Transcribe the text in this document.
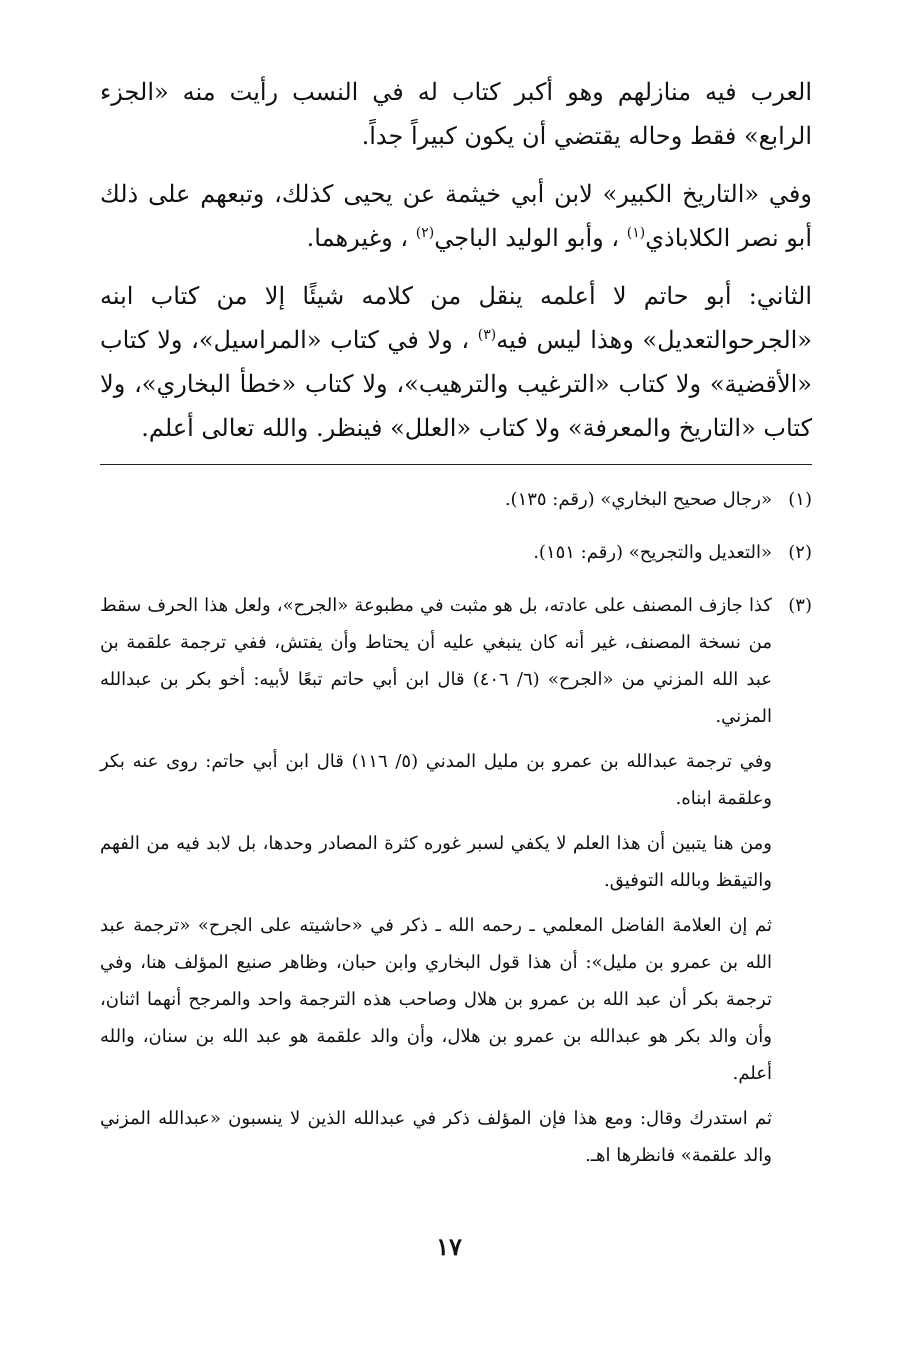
العرب فيه منازلهم وهو أكبر كتاب له في النسب رأيت منه «الجزء الرابع» فقط وحاله يقتضي أن يكون كبيراً جداً.

وفي «التاريخ الكبير» لابن أبي خيثمة عن يحيى كذلك، وتبعهم على ذلك أبو نصر الكلاباذي$^{(١)}$ ، وأبو الوليد الباجي$^{(٢)}$ ، وغيرهما.

الثاني: أبو حاتم لا أعلمه ينقل من كلامه شيئًا إلا من كتاب ابنه «الجرحوالتعديل» وهذا ليس فيه$^{(٣)}$ ، ولا في كتاب «المراسيل»، ولا كتاب «الأقضية» ولا كتاب «الترغيب والترهيب»، ولا كتاب «خطأ البخاري»، ولا كتاب «التاريخ والمعرفة» ولا كتاب «العلل» فينظر. والله تعالى أعلم.

(١)

«رجال صحيح البخاري» (رقم: ١٣٥).

(٢)

«التعديل والتجريح» (رقم: ١٥١).

(٣)

كذا جازف المصنف على عادته، بل هو مثبت في مطبوعة «الجرح»، ولعل هذا الحرف سقط من نسخة المصنف، غير أنه كان ينبغي عليه أن يحتاط وأن يفتش، ففي ترجمة علقمة بن عبد الله المزني من «الجرح» (٦/ ٤٠٦) قال ابن أبي حاتم تبعًا لأبيه: أخو بكر بن عبدالله المزني.

وفي ترجمة عبدالله بن عمرو بن مليل المدني (٥/ ١١٦) قال ابن أبي حاتم: روى عنه بكر وعلقمة ابناه.

ومن هنا يتبين أن هذا العلم لا يكفي لسبر غوره كثرة المصادر وحدها، بل لابد فيه من الفهم والتيقظ وبالله التوفيق.

ثم إن العلامة الفاضل المعلمي ـ رحمه الله ـ ذكر في «حاشيته على الجرح» «ترجمة عبد الله بن عمرو بن مليل»: أن هذا قول البخاري وابن حبان، وظاهر صنيع المؤلف هنا، وفي ترجمة بكر أن عبد الله بن عمرو بن هلال وصاحب هذه الترجمة واحد والمرجح أنهما اثنان، وأن والد بكر هو عبدالله بن عمرو بن هلال، وأن والد علقمة هو عبد الله بن سنان، والله أعلم.

ثم استدرك وقال: ومع هذا فإن المؤلف ذكر في عبدالله الذين لا ينسبون «عبدالله المزني والد علقمة» فانظرها اهـ.

١٧
